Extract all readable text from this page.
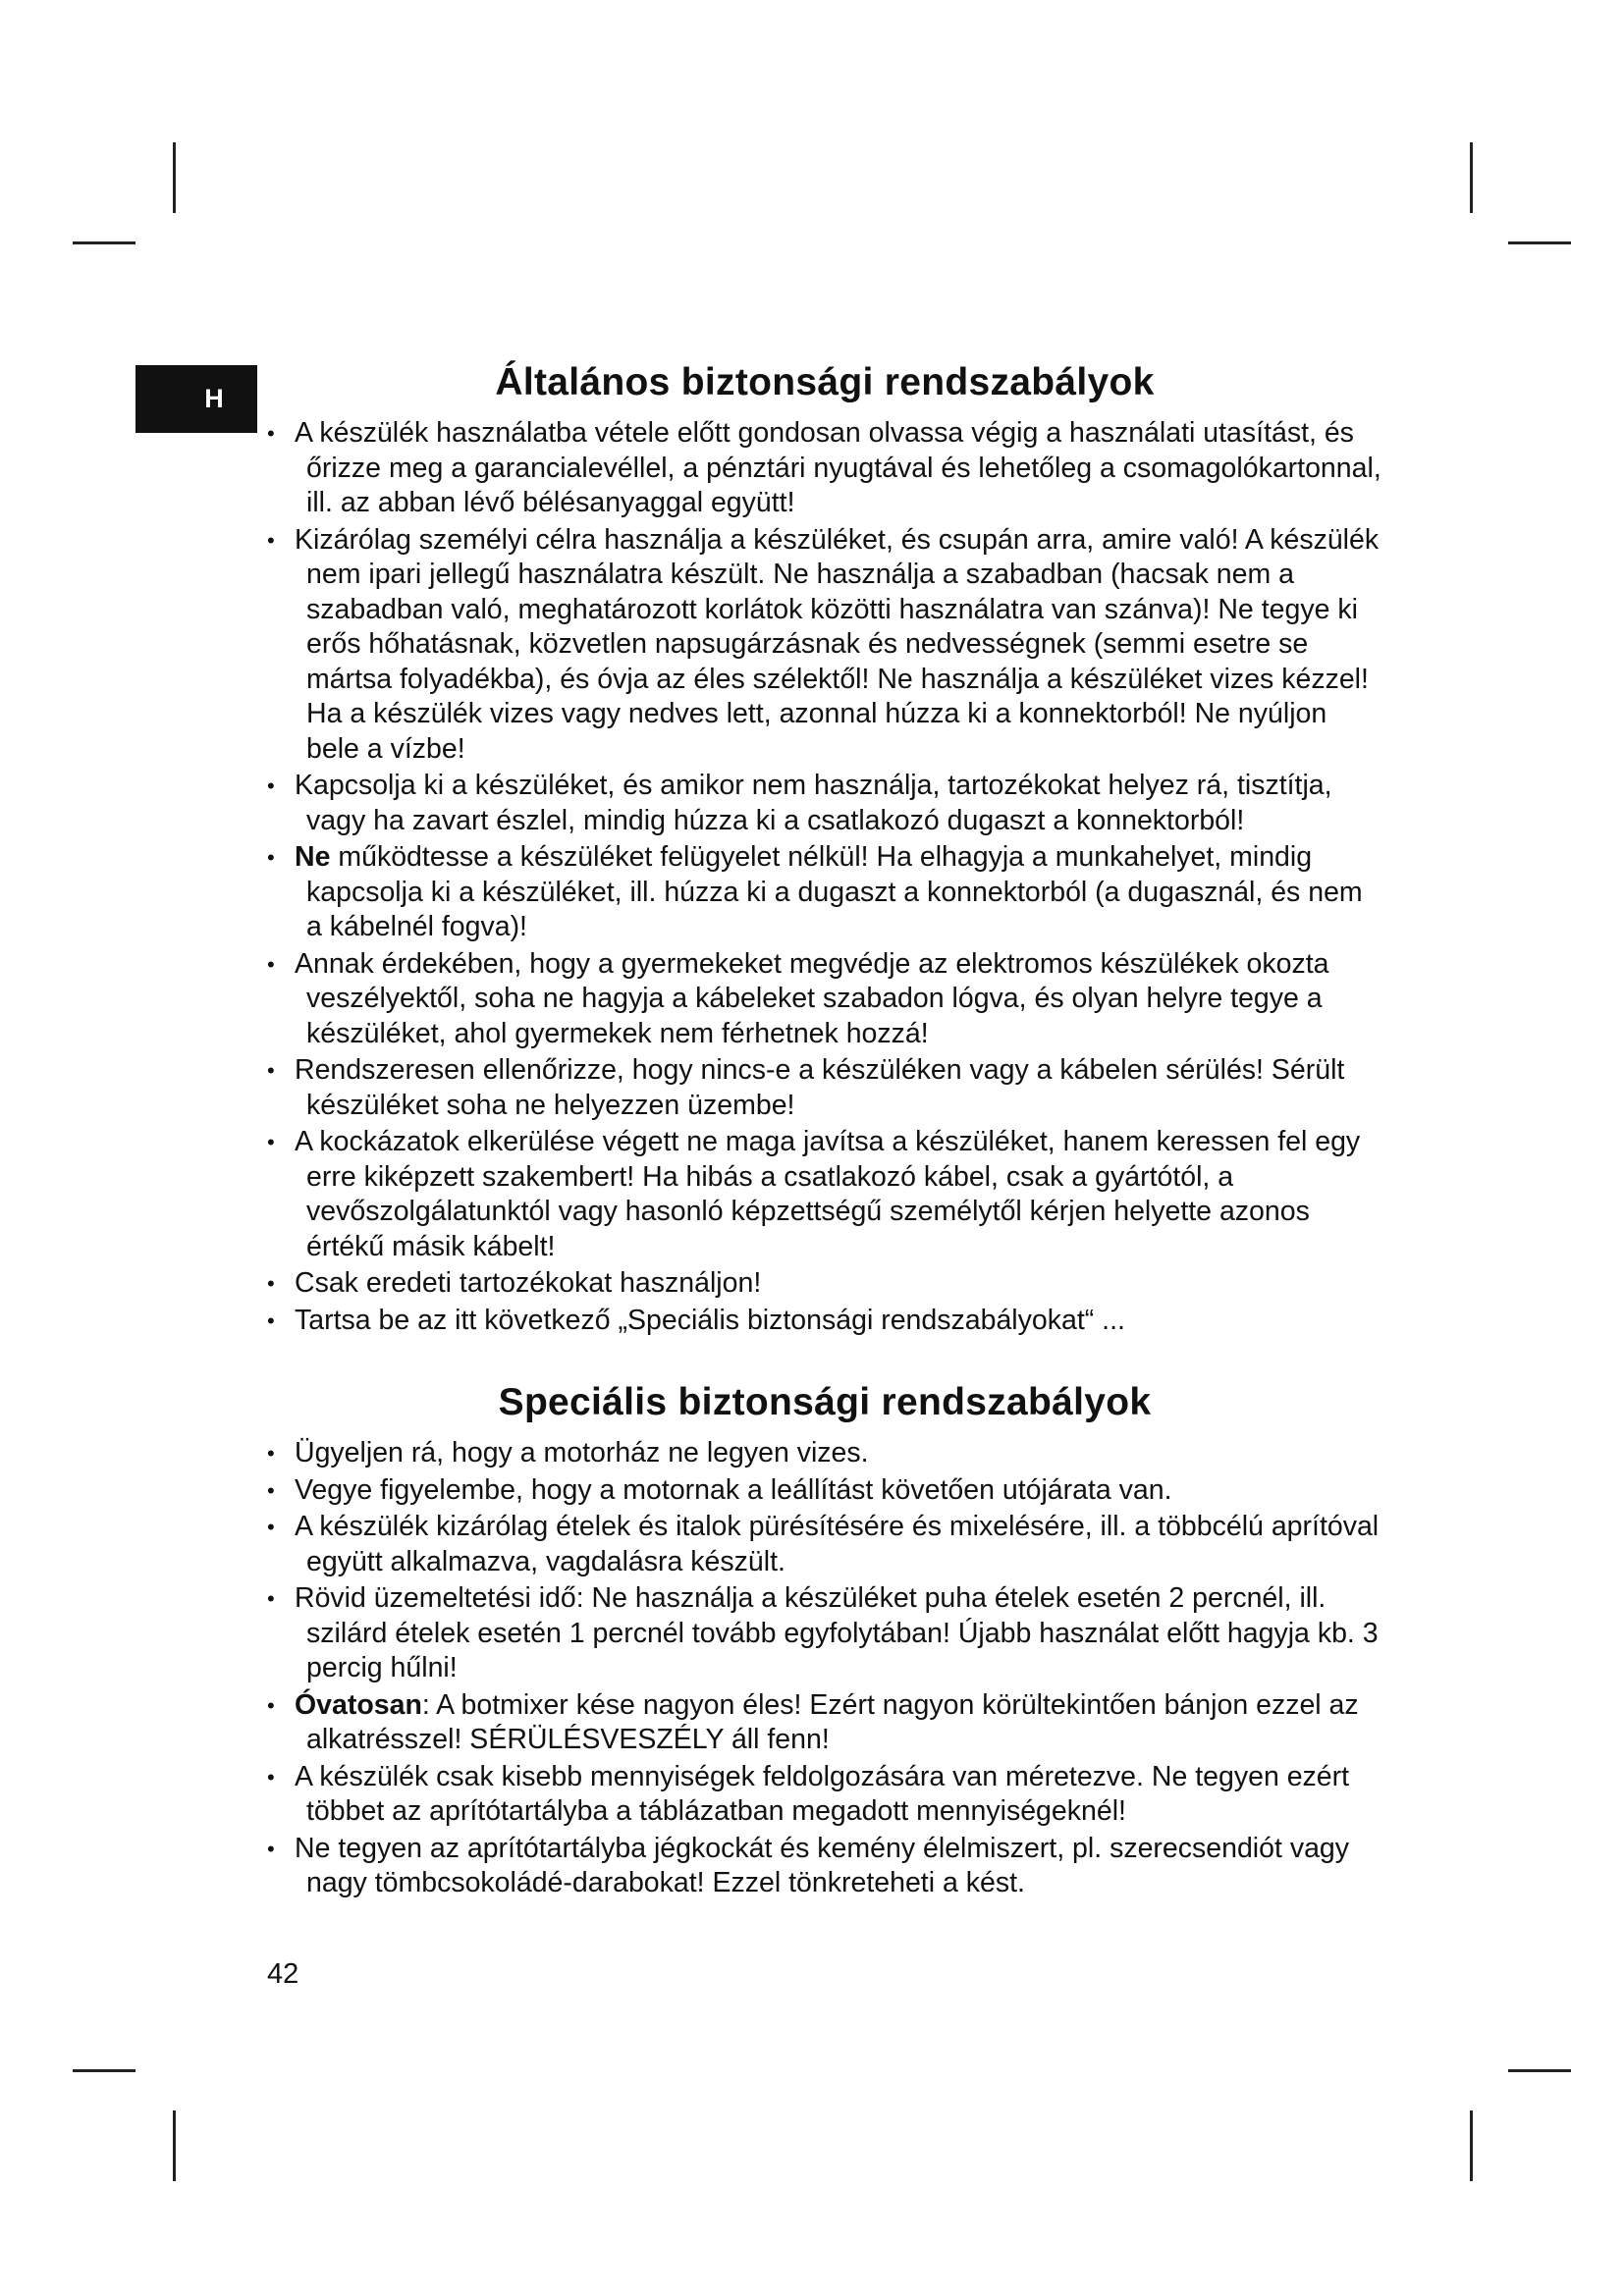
H	Általános biztonsági rendszabályok
• A készülék használatba vétele előtt gondosan olvassa végig a használati utasítást, és őrizze meg a garancialevéllel, a pénztári nyugtával és lehetőleg a csomagolókartonnal, ill. az abban lévő bélésanyaggal együtt!
• Kizárólag személyi célra használja a készüléket, és csupán arra, amire való! A készülék nem ipari jellegű használatra készült. Ne használja a szabadban (hacsak nem a szabadban való, meghatározott korlátok közötti használatra van szánva)! Ne tegye ki erős hőhatásnak, közvetlen napsugárzásnak és nedvességnek (semmi esetre se mártsa folyadékba), és óvja az éles szélektől! Ne használja a készüléket vizes kézzel! Ha a készülék vizes vagy nedves lett, azonnal húzza ki a konnektorból! Ne nyúljon bele a vízbe!
• Kapcsolja ki a készüléket, és amikor nem használja, tartozékokat helyez rá, tisztítja, vagy ha zavart észlel, mindig húzza ki a csatlakozó dugaszt a konnektorból!
• Ne működtesse a készüléket felügyelet nélkül! Ha elhagyja a munkahelyet, mindig kapcsolja ki a készüléket, ill. húzza ki a dugaszt a konnektorból (a dugasznál, és nem a kábelnél fogva)!
• Annak érdekében, hogy a gyermekeket megvédje az elektromos készülékek okozta veszélyektől, soha ne hagyja a kábeleket szabadon lógva, és olyan helyre tegye a készüléket, ahol gyermekek nem férhetnek hozzá!
• Rendszeresen ellenőrizze, hogy nincs-e a készüléken vagy a kábelen sérülés! Sérült készüléket soha ne helyezzen üzembe!
• A kockázatok elkerülése végett ne maga javítsa a készüléket, hanem keressen fel egy erre kiképzett szakembert! Ha hibás a csatlakozó kábel, csak a gyártótól, a vevőszolgálatunktól vagy hasonló képzettségű személytől kérjen helyette azonos értékű másik kábelt!
• Csak eredeti tartozékokat használjon!
• Tartsa be az itt következő „Speciális biztonsági rendszabályokat“ ...
Speciális biztonsági rendszabályok
• Ügyeljen rá, hogy a motorház ne legyen vizes.
• Vegye figyelembe, hogy a motornak a leállítást követően utójárata van.
• A készülék kizárólag ételek és italok pürésítésére és mixelésére, ill. a többcélú aprítóval együtt alkalmazva, vagdalásra készült.
• Rövid üzemeltetési idő: Ne használja a készüléket puha ételek esetén 2 percnél, ill. szilárd ételek esetén 1 percnél tovább egyfolytában! Újabb használat előtt hagyja kb. 3 percig hűlni!
• Óvatosan: A botmixer kése nagyon éles! Ezért nagyon körültekintően bánjon ezzel az alkatrésszel! SÉRÜLÉSVESZÉLY áll fenn!
• A készülék csak kisebb mennyiségek feldolgozására van méretezve. Ne tegyen ezért többet az aprítótartályba a táblázatban megadott mennyiségeknél!
• Ne tegyen az aprítótartályba jégkockát és kemény élelmiszert, pl. szerecsendiót vagy nagy tömbcsokoládé-darabokat! Ezzel tönkreteheti a kést.
42
